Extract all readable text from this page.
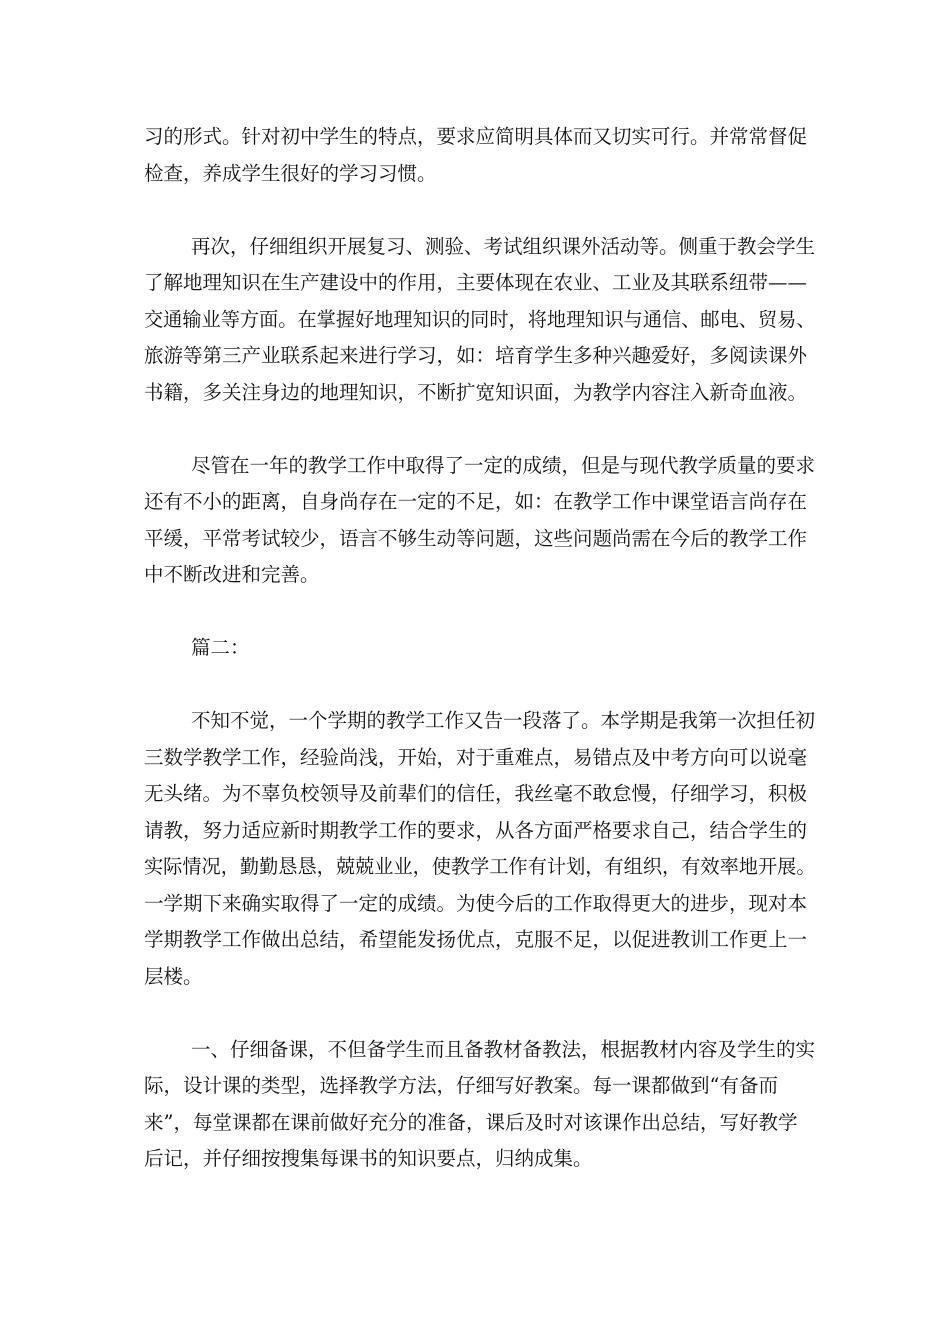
习的形式。针对初中学生的特点，要求应简明具体而又切实可行。并常常督促
检查，养成学生很好的学习习惯。
再次，仔细组织开展复习、测验、考试组织课外活动等。侧重于教会学生
了解地理知识在生产建设中的作用，主要体现在农业、工业及其联系纽带——
交通输业等方面。在掌握好地理知识的同时，将地理知识与通信、邮电、贸易、
旅游等第三产业联系起来进行学习，如：培育学生多种兴趣爱好，多阅读课外
书籍，多关注身边的地理知识，不断扩宽知识面，为教学内容注入新奇血液。
尽管在一年的教学工作中取得了一定的成绩，但是与现代教学质量的要求
还有不小的距离，自身尚存在一定的不足，如：在教学工作中课堂语言尚存在
平缓，平常考试较少，语言不够生动等问题，这些问题尚需在今后的教学工作
中不断改进和完善。
篇二：
不知不觉，一个学期的教学工作又告一段落了。本学期是我第一次担任初
三数学教学工作，经验尚浅，开始，对于重难点，易错点及中考方向可以说毫
无头绪。为不辜负校领导及前辈们的信任，我丝毫不敢怠慢，仔细学习，积极
请教，努力适应新时期教学工作的要求，从各方面严格要求自己，结合学生的
实际情况，勤勤恳恳，兢兢业业，使教学工作有计划，有组织，有效率地开展。
一学期下来确实取得了一定的成绩。为使今后的工作取得更大的进步，现对本
学期教学工作做出总结，希望能发扬优点，克服不足，以促进教训工作更上一
层楼。
一、仔细备课，不但备学生而且备教材备教法，根据教材内容及学生的实
际，设计课的类型，选择教学方法，仔细写好教案。每一课都做到“有备而
来”，每堂课都在课前做好充分的准备，课后及时对该课作出总结，写好教学
后记，并仔细按搜集每课书的知识要点，归纳成集。
